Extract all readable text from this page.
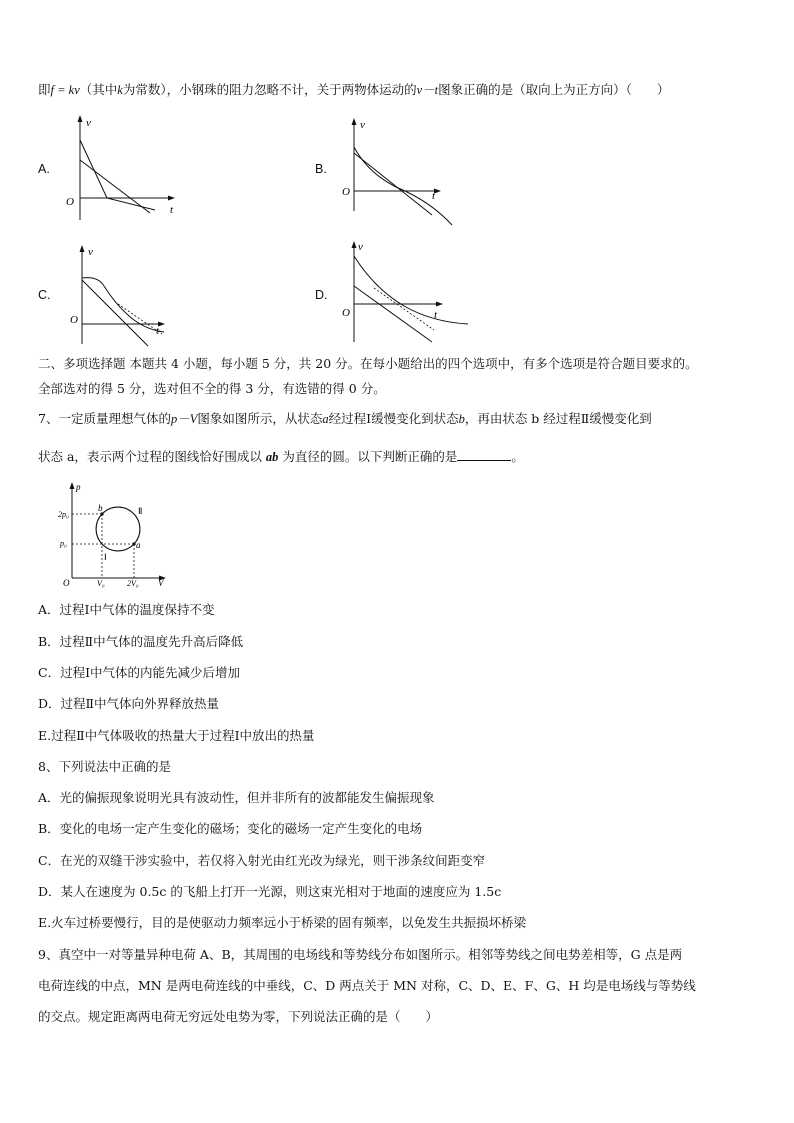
即f = kv（其中k为常数），小钢珠的阻力忽略不计，关于两物体运动的v－t图象正确的是（取向上为正方向）（　　）
A.
v
t
O
B.
v
t
O
C.
v
t
O
D.
v
t
O
二、多项选择题 本题共 4 小题，每小题 5 分，共 20 分。在每小题给出的四个选项中，有多个选项是符合题目要求的。
全部选对的得 5 分，选对但不全的得 3 分，有选错的得 0 分。
7、一定质量理想气体的p－V图象如图所示，从状态a经过程Ⅰ缓慢变化到状态b，再由状态 b 经过程Ⅱ缓慢变化到
状态 a，表示两个过程的图线恰好围成以 ab 为直径的圆。以下判断正确的是	。
p
V
O
2p₀
p₀
V₀	2V₀
b
a
Ⅰ
Ⅱ
A．过程Ⅰ中气体的温度保持不变
B．过程Ⅱ中气体的温度先升高后降低
C．过程Ⅰ中气体的内能先减少后增加
D．过程Ⅱ中气体向外界释放热量
E.过程Ⅱ中气体吸收的热量大于过程Ⅰ中放出的热量
8、下列说法中正确的是
A．光的偏振现象说明光具有波动性，但并非所有的波都能发生偏振现象
B．变化的电场一定产生变化的磁场；变化的磁场一定产生变化的电场
C．在光的双缝干涉实验中，若仅将入射光由红光改为绿光，则干涉条纹间距变窄
D．某人在速度为 0.5c 的飞船上打开一光源，则这束光相对于地面的速度应为 1.5c
E.火车过桥要慢行，目的是使驱动力频率远小于桥梁的固有频率，以免发生共振损坏桥梁
9、真空中一对等量异种电荷 A、B，其周围的电场线和等势线分布如图所示。相邻等势线之间电势差相等，G 点是两
电荷连线的中点，MN 是两电荷连线的中垂线，C、D 两点关于 MN 对称，C、D、E、F、G、H 均是电场线与等势线
的交点。规定距离两电荷无穷远处电势为零，下列说法正确的是（　　）
